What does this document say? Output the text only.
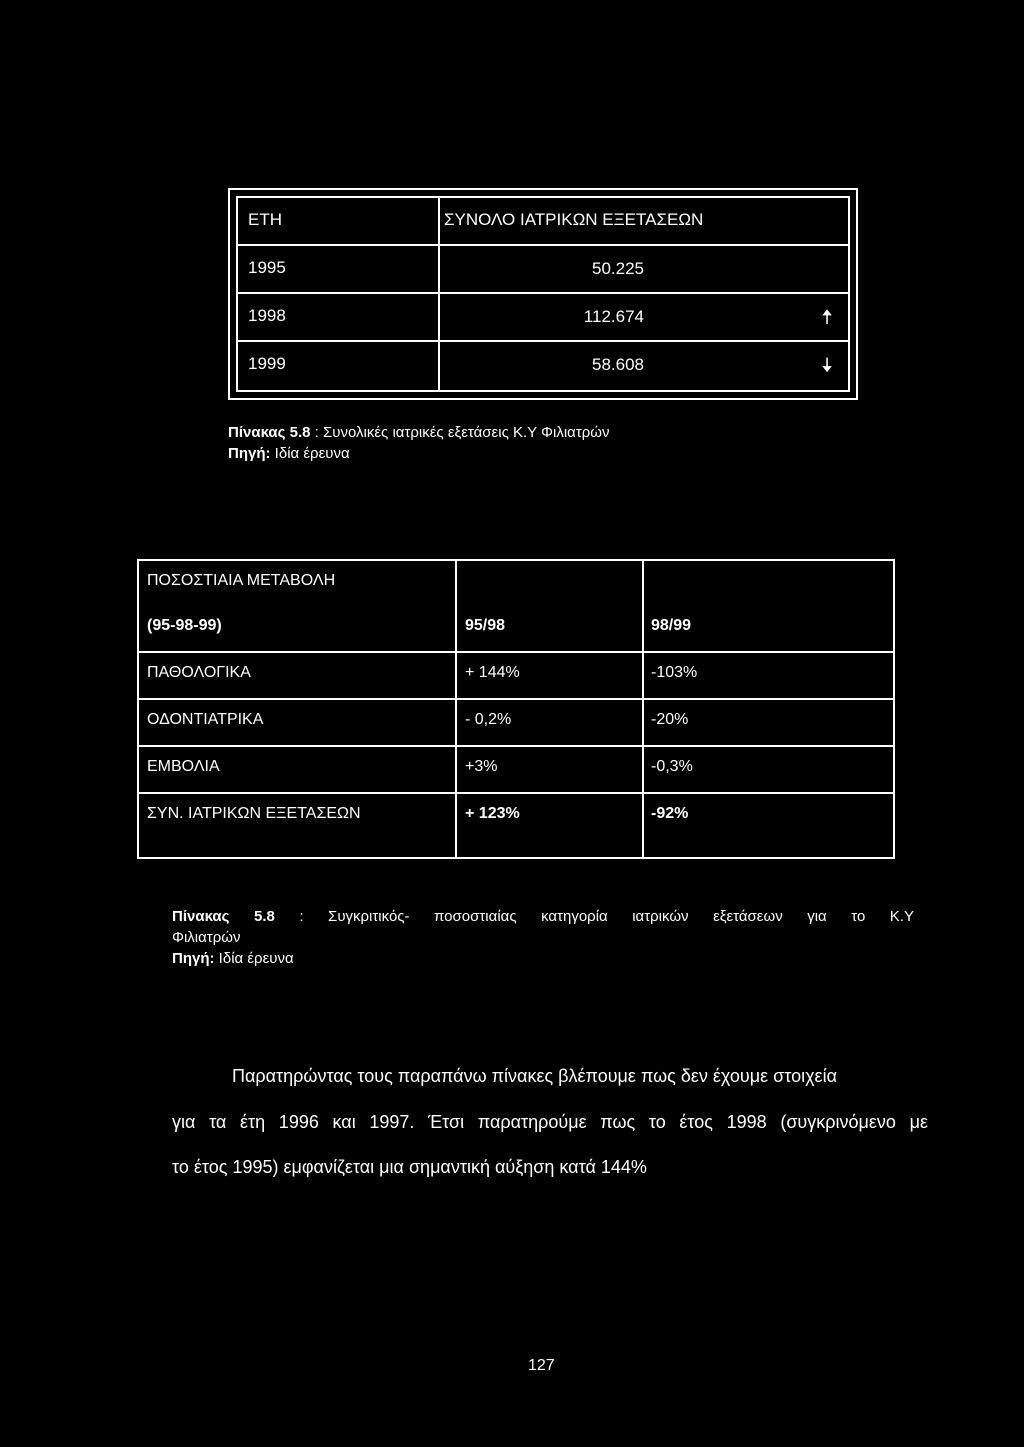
ΕΤΗ	ΣΥΝΟΛΟ ΙΑΤΡΙΚΩΝ ΕΞΕΤΑΣΕΩΝ
1995	50.225
1998	112.674	🠡
1999	58.608	🠣
Πίνακας 5.8 : Συνολικές ιατρικές εξετάσεις Κ.Υ Φιλιατρών
Πηγή: Ιδία έρευνα
ΠΟΣΟΣΤΙΑΙΑ ΜΕΤΑΒΟΛΗ
(95-98-99)	95/98	98/99
ΠΑΘΟΛΟΓΙΚΑ	+ 144%	-103%
ΟΔΟΝΤΙΑΤΡΙΚΑ	- 0,2%	-20%
ΕΜΒΟΛΙΑ	+3%	-0,3%
ΣΥΝ. ΙΑΤΡΙΚΩΝ ΕΞΕΤΑΣΕΩΝ	+ 123%	-92%
Πίνακας 5.8 : Συγκριτικός- ποσοστιαίας κατηγορία ιατρικών εξετάσεων για το Κ.Υ
Φιλιατρών
Πηγή: Ιδία έρευνα
Παρατηρώντας τους παραπάνω πίνακες βλέπουμε πως δεν έχουμε στοιχεία
για τα έτη 1996 και 1997. Έτσι παρατηρούμε πως το έτος 1998 (συγκρινόμενο με
το έτος 1995) εμφανίζεται μια σημαντική αύξηση κατά 144%
127
